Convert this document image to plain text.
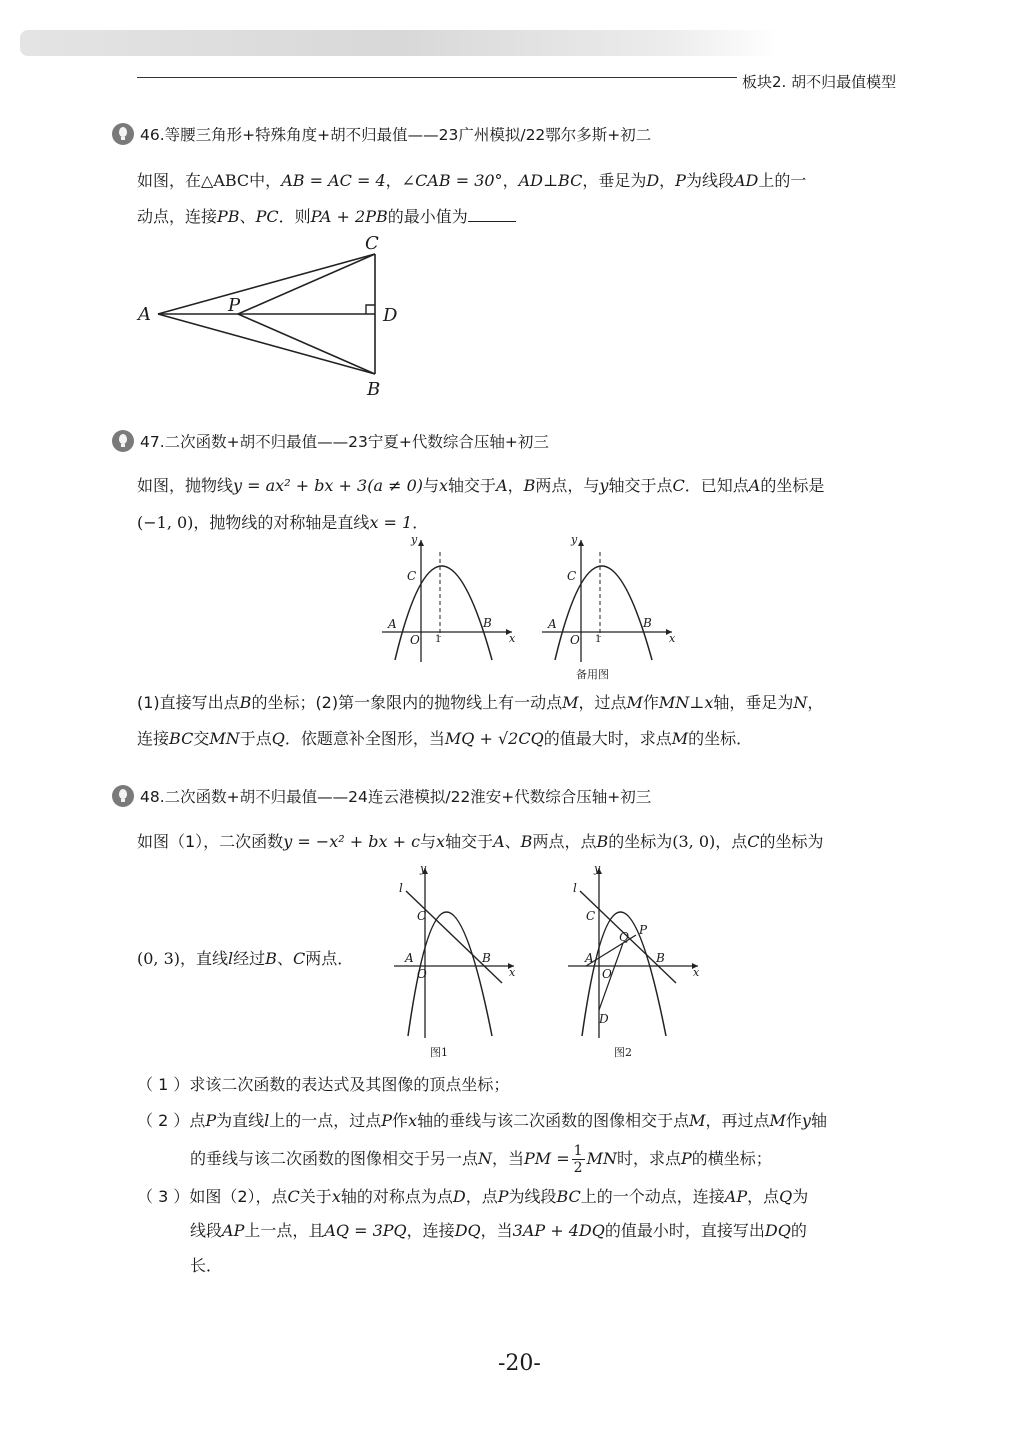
板块2. 胡不归最值模型
46.等腰三角形+特殊角度+胡不归最值——23广州模拟/22鄂尔多斯+初二
如图，在△ABC中，AB = AC = 4，∠CAB = 30°，AD⊥BC，垂足为D，P为线段AD上的一
动点，连接PB、PC．则PA + 2PB的最小值为
C
A	P	D
B
47.二次函数+胡不归最值——23宁夏+代数综合压轴+初三
如图，抛物线y = ax² + bx + 3(a ≠ 0)与x轴交于A，B两点，与y轴交于点C．已知点A的坐标是
(−1, 0)，抛物线的对称轴是直线x = 1．
y
C
A
O 1
B
x
y
C
A
O 1
B
x
备用图
(1)直接写出点B的坐标；(2)第一象限内的抛物线上有一动点M，过点M作MN⊥x轴，垂足为N，
连接BC交MN于点Q．依题意补全图形，当MQ + √2CQ的值最大时，求点M的坐标．
48.二次函数+胡不归最值——24连云港模拟/22淮安+代数综合压轴+初三
如图（1），二次函数y = −x² + bx + c与x轴交于A、B两点，点B的坐标为(3, 0)，点C的坐标为
(0, 3)，直线l经过B、C两点．
l
y
C
A
O
B
x
图1
l
y
C
Q P
A
O
B
x
D
图2
（ 1 ）求该二次函数的表达式及其图像的顶点坐标；
（ 2 ）点P为直线l上的一点，过点P作x轴的垂线与该二次函数的图像相交于点M，再过点M作y轴
的垂线与该二次函数的图像相交于另一点N，当PM = $\frac{1}{2}$ MN时，求点P的横坐标；
（ 3 ）如图（2），点C关于x轴的对称点为点D，点P为线段BC上的一个动点，连接AP，点Q为
线段AP上一点，且AQ = 3PQ，连接DQ，当3AP + 4DQ的值最小时，直接写出DQ的
长．
-20-
